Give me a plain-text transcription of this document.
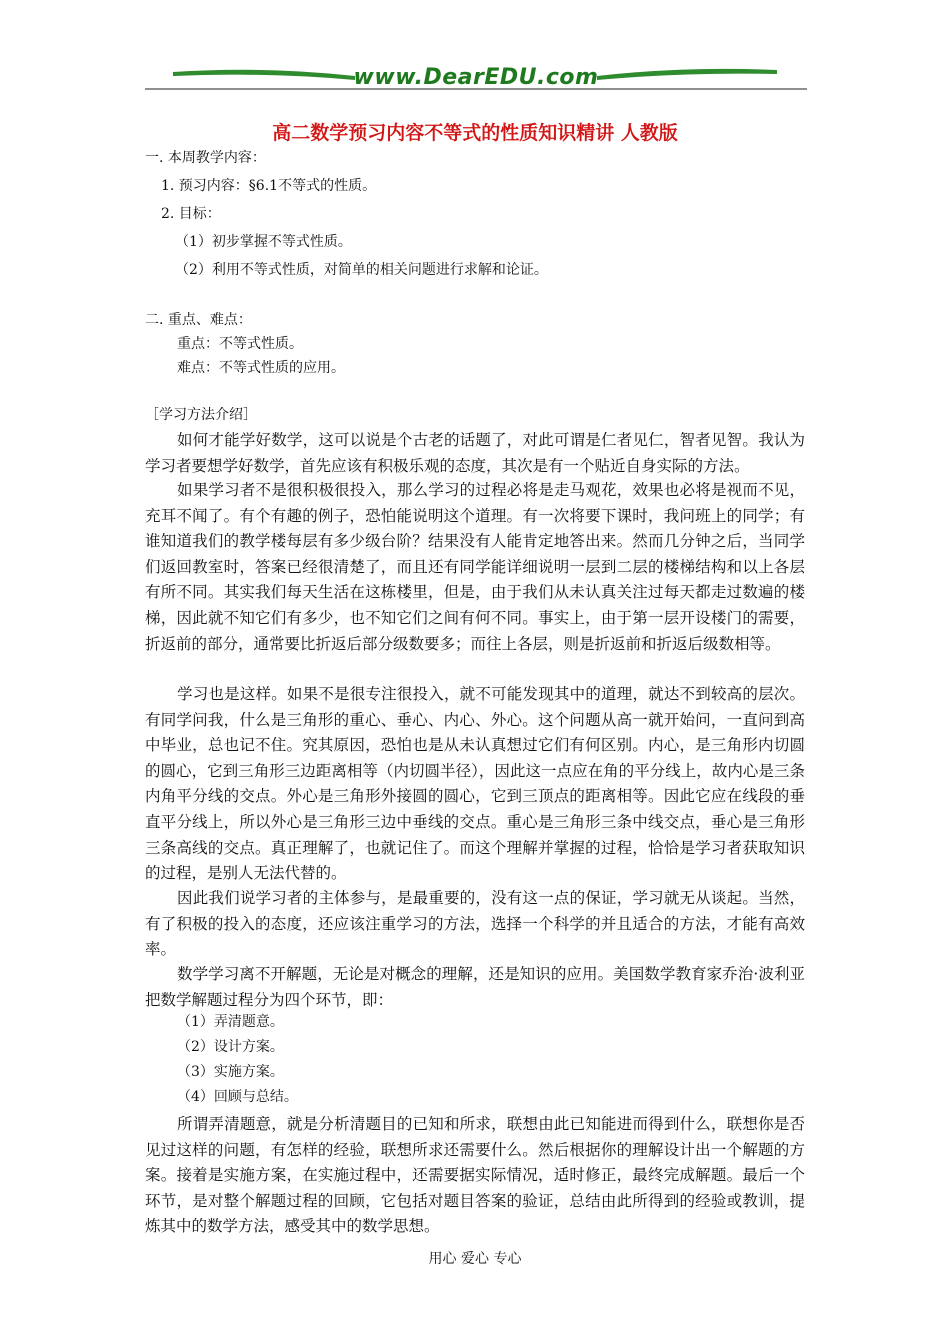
www.DearEDU.com
高二数学预习内容不等式的性质知识精讲 人教版
一. 本周教学内容：
1. 预习内容：§6.1不等式的性质。
2. 目标：
（1）初步掌握不等式性质。
（2）利用不等式性质，对简单的相关问题进行求解和论证。
二. 重点、难点：
重点：不等式性质。
难点：不等式性质的应用。
［学习方法介绍］
如何才能学好数学，这可以说是个古老的话题了，对此可谓是仁者见仁，智者见智。我认为学习者要想学好数学，首先应该有积极乐观的态度，其次是有一个贴近自身实际的方法。
如果学习者不是很积极很投入，那么学习的过程必将是走马观花，效果也必将是视而不见，充耳不闻了。有个有趣的例子，恐怕能说明这个道理。有一次将要下课时，我问班上的同学；有谁知道我们的教学楼每层有多少级台阶？结果没有人能肯定地答出来。然而几分钟之后，当同学们返回教室时，答案已经很清楚了，而且还有同学能详细说明一层到二层的楼梯结构和以上各层有所不同。其实我们每天生活在这栋楼里，但是，由于我们从未认真关注过每天都走过数遍的楼梯，因此就不知它们有多少，也不知它们之间有何不同。事实上，由于第一层开设楼门的需要，折返前的部分，通常要比折返后部分级数要多；而往上各层，则是折返前和折返后级数相等。
学习也是这样。如果不是很专注很投入，就不可能发现其中的道理，就达不到较高的层次。有同学问我，什么是三角形的重心、垂心、内心、外心。这个问题从高一就开始问，一直问到高中毕业，总也记不住。究其原因，恐怕也是从未认真想过它们有何区别。内心，是三角形内切圆的圆心，它到三角形三边距离相等（内切圆半径），因此这一点应在角的平分线上，故内心是三条内角平分线的交点。外心是三角形外接圆的圆心，它到三顶点的距离相等。因此它应在线段的垂直平分线上，所以外心是三角形三边中垂线的交点。重心是三角形三条中线交点，垂心是三角形三条高线的交点。真正理解了，也就记住了。而这个理解并掌握的过程，恰恰是学习者获取知识的过程，是别人无法代替的。
因此我们说学习者的主体参与，是最重要的，没有这一点的保证，学习就无从谈起。当然，有了积极的投入的态度，还应该注重学习的方法，选择一个科学的并且适合的方法，才能有高效率。
数学学习离不开解题，无论是对概念的理解，还是知识的应用。美国数学教育家乔治·波利亚把数学解题过程分为四个环节，即：
（1）弄清题意。
（2）设计方案。
（3）实施方案。
（4）回顾与总结。
所谓弄清题意，就是分析清题目的已知和所求，联想由此已知能进而得到什么，联想你是否见过这样的问题，有怎样的经验，联想所求还需要什么。然后根据你的理解设计出一个解题的方案。接着是实施方案，在实施过程中，还需要据实际情况，适时修正，最终完成解题。最后一个环节，是对整个解题过程的回顾，它包括对题目答案的验证，总结由此所得到的经验或教训，提炼其中的数学方法，感受其中的数学思想。
用心 爱心 专心
